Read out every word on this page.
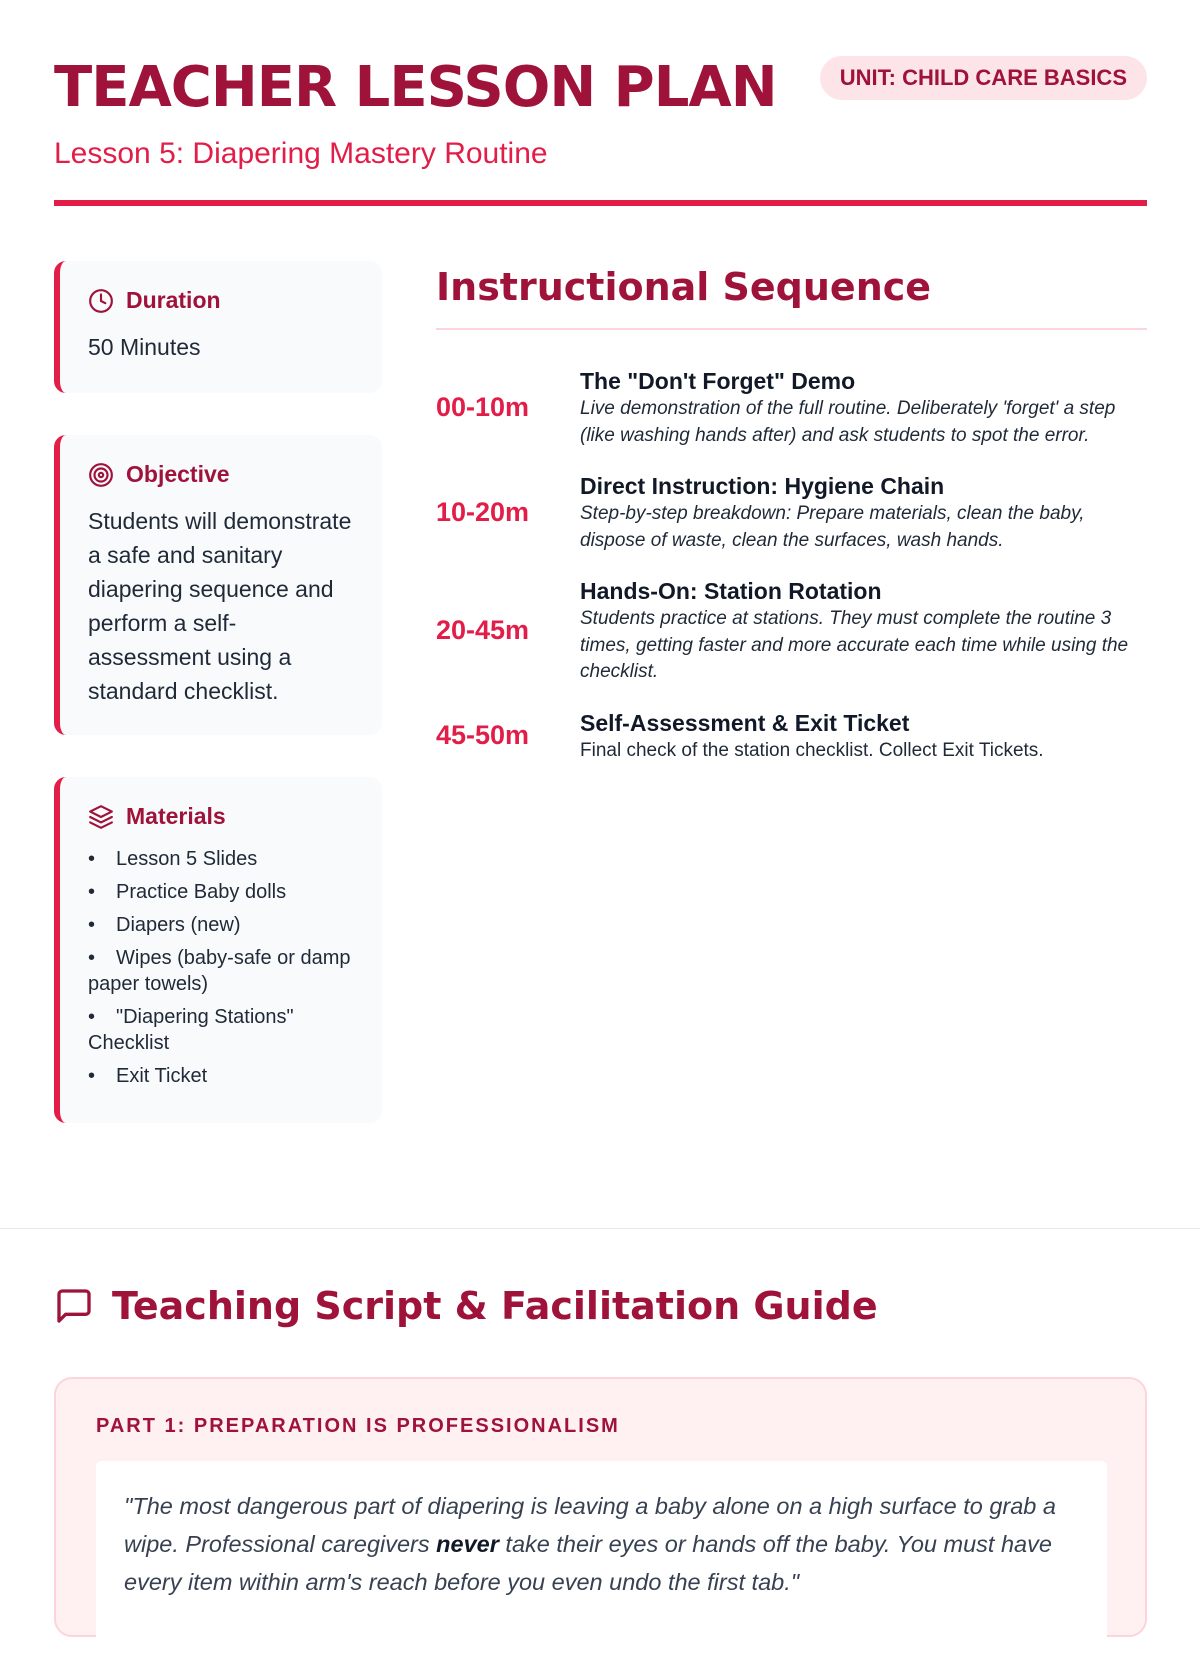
TEACHER LESSON PLAN	UNIT: CHILD CARE BASICS
Lesson 5: Diapering Mastery Routine
Duration
50 Minutes
Objective
Students will demonstrate a safe and sanitary diapering sequence and perform a self-assessment using a standard checklist.
Materials
• Lesson 5 Slides
• Practice Baby dolls
• Diapers (new)
• Wipes (baby-safe or damp paper towels)
• "Diapering Stations" Checklist
• Exit Ticket
Instructional Sequence
00-10m
The "Don't Forget" Demo
Live demonstration of the full routine. Deliberately 'forget' a step (like washing hands after) and ask students to spot the error.
10-20m
Direct Instruction: Hygiene Chain
Step-by-step breakdown: Prepare materials, clean the baby, dispose of waste, clean the surfaces, wash hands.
20-45m
Hands-On: Station Rotation
Students practice at stations. They must complete the routine 3 times, getting faster and more accurate each time while using the checklist.
45-50m	Self-Assessment & Exit Ticket
Final check of the station checklist. Collect Exit Tickets.
Teaching Script & Facilitation Guide
PART 1: PREPARATION IS PROFESSIONALISM
"The most dangerous part of diapering is leaving a baby alone on a high surface to grab a wipe. Professional caregivers never take their eyes or hands off the baby. You must have every item within arm's reach before you even undo the first tab."
